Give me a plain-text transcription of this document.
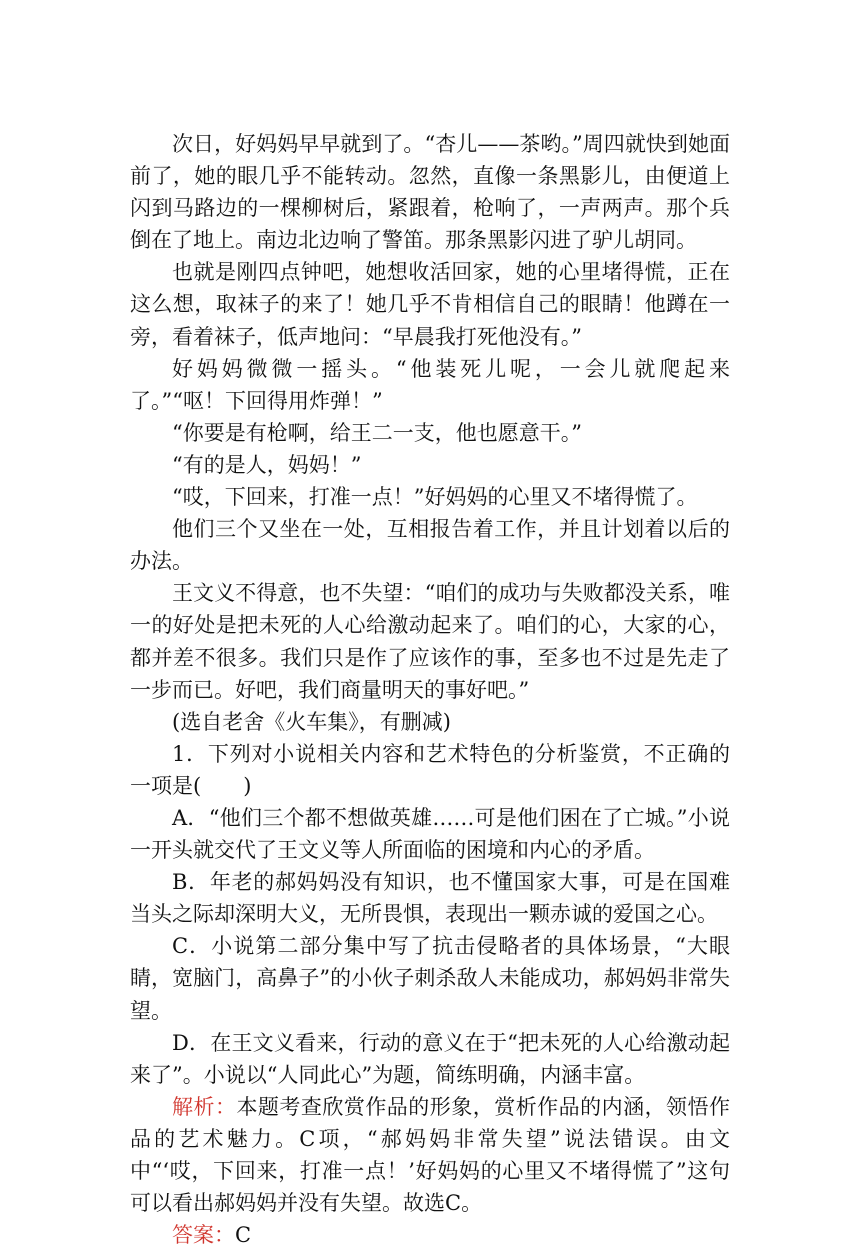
次日，好妈妈早早就到了。“杏儿——茶哟。”周四就快到她面前了，她的眼几乎不能转动。忽然，直像一条黑影儿，由便道上闪到马路边的一棵柳树后，紧跟着，枪响了，一声两声。那个兵倒在了地上。南边北边响了警笛。那条黑影闪进了驴儿胡同。

也就是刚四点钟吧，她想收活回家，她的心里堵得慌，正在这么想，取袜子的来了！她几乎不肯相信自己的眼睛！他蹲在一旁，看着袜子，低声地问：“早晨我打死他没有。”

好妈妈微微一摇头。“他装死儿呢，一会儿就爬起来了。”“呕！下回得用炸弹！”

“你要是有枪啊，给王二一支，他也愿意干。”

“有的是人，妈妈！”

“哎，下回来，打准一点！”好妈妈的心里又不堵得慌了。

他们三个又坐在一处，互相报告着工作，并且计划着以后的办法。

王文义不得意，也不失望：“咱们的成功与失败都没关系，唯一的好处是把未死的人心给激动起来了。咱们的心，大家的心，都并差不很多。我们只是作了应该作的事，至多也不过是先走了一步而已。好吧，我们商量明天的事好吧。”

(选自老舍《火车集》，有删减)

1．下列对小说相关内容和艺术特色的分析鉴赏，不正确的一项是(　　)

A．“他们三个都不想做英雄……可是他们困在了亡城。”小说一开头就交代了王文义等人所面临的困境和内心的矛盾。

B．年老的郝妈妈没有知识，也不懂国家大事，可是在国难当头之际却深明大义，无所畏惧，表现出一颗赤诚的爱国之心。

C．小说第二部分集中写了抗击侵略者的具体场景，“大眼睛，宽脑门，高鼻子”的小伙子刺杀敌人未能成功，郝妈妈非常失望。

D．在王文义看来，行动的意义在于“把未死的人心给激动起来了”。小说以“人同此心”为题，简练明确，内涵丰富。

解析：本题考查欣赏作品的形象，赏析作品的内涵，领悟作品的艺术魅力。C项，“郝妈妈非常失望”说法错误。由文中“‘哎，下回来，打准一点！’好妈妈的心里又不堵得慌了”这句可以看出郝妈妈并没有失望。故选C。

答案：C
